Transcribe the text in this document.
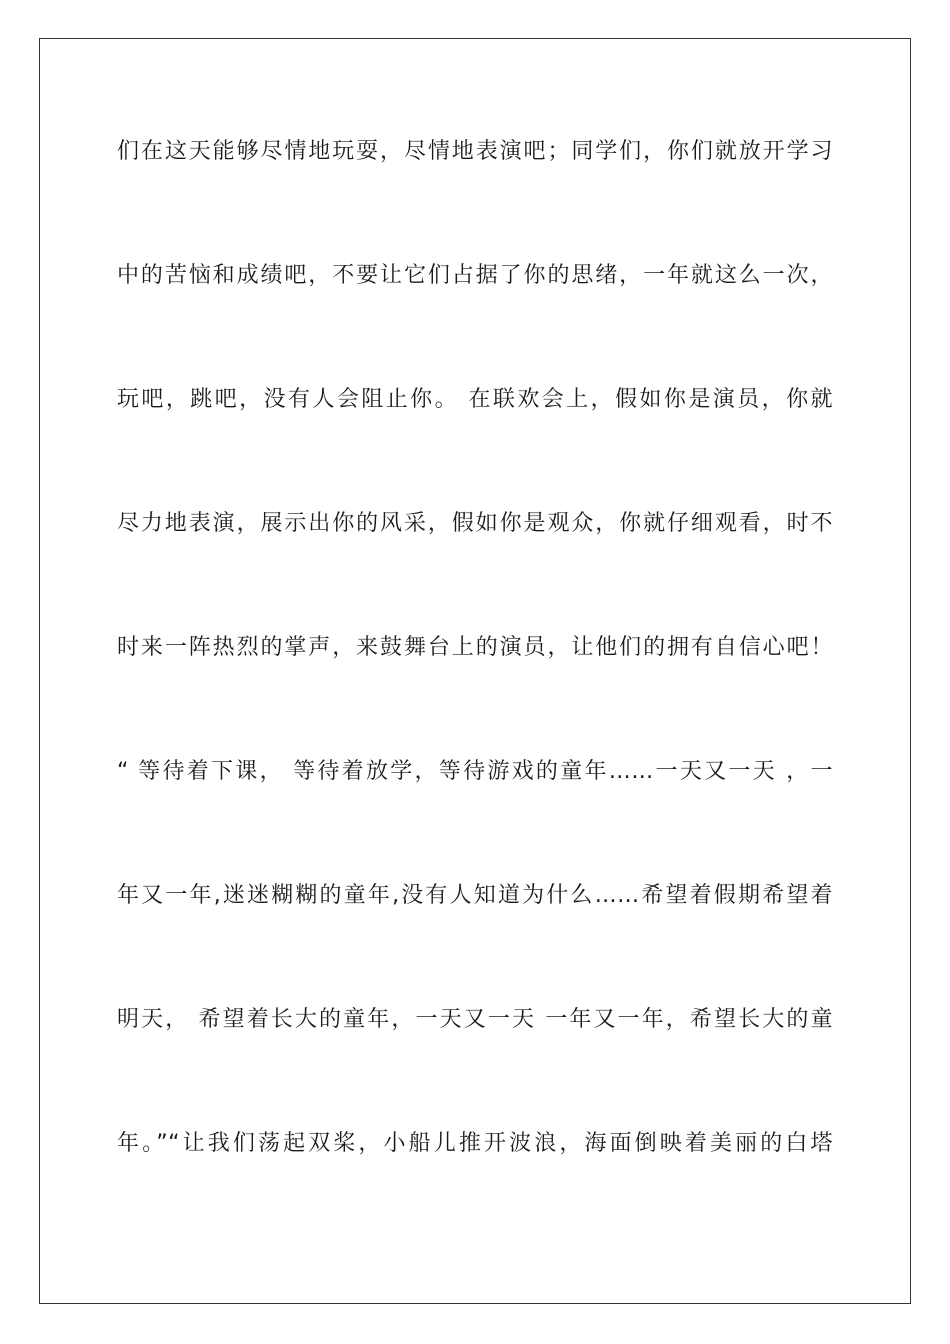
们在这天能够尽情地玩耍，尽情地表演吧；同学们，你们就放开学习
中的苦恼和成绩吧，不要让它们占据了你的思绪，一年就这么一次，
玩吧，跳吧，没有人会阻止你。 在联欢会上，假如你是演员，你就
尽力地表演，展示出你的风采，假如你是观众，你就仔细观看，时不
时来一阵热烈的掌声，来鼓舞台上的演员，让他们的拥有自信心吧！
“ 等待着下课， 等待着放学，等待游戏的童年……一天又一天 ，一
年又一年,迷迷糊糊的童年,没有人知道为什么……希望着假期希望着
明天， 希望着长大的童年，一天又一天 一年又一年，希望长大的童
年。”“让我们荡起双桨，小船儿推开波浪，海面倒映着美丽的白塔
